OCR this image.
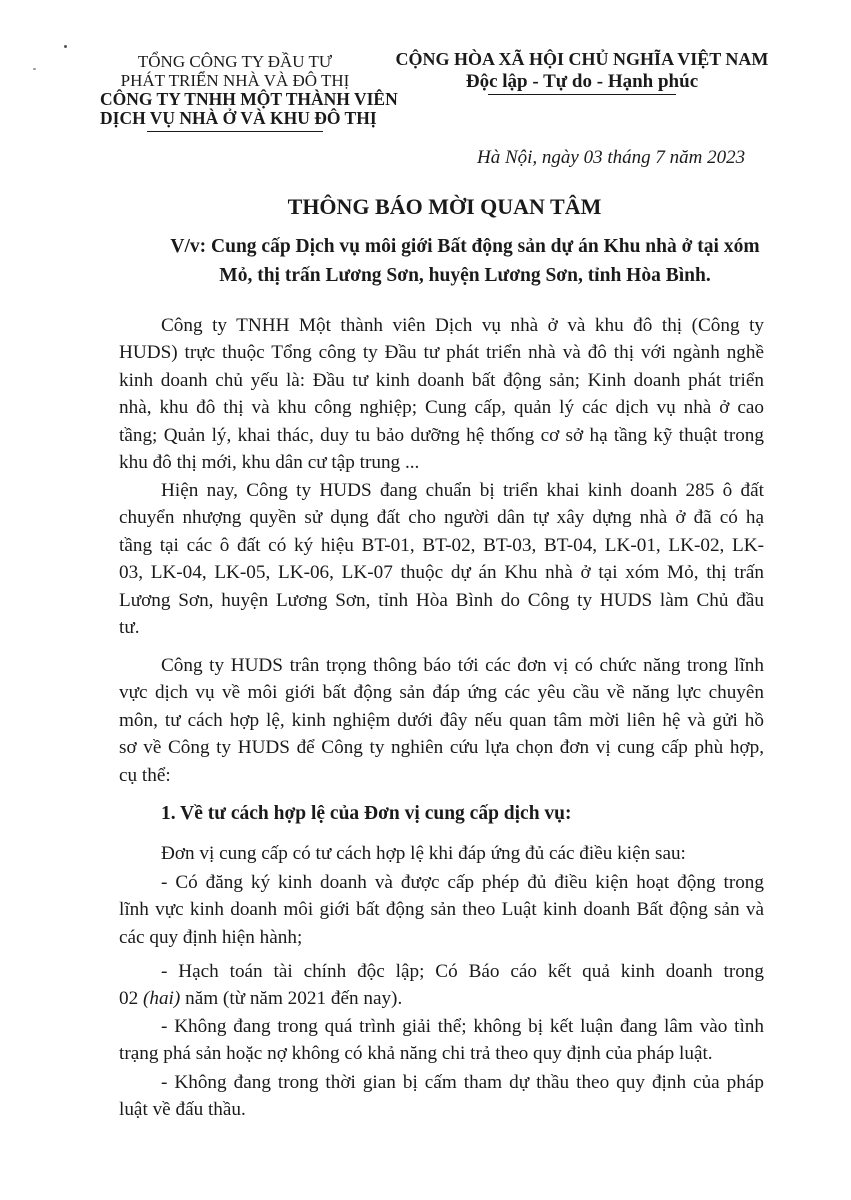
TỔNG CÔNG TY ĐẦU TƯ
PHÁT TRIỂN NHÀ VÀ ĐÔ THỊ
CÔNG TY TNHH MỘT THÀNH VIÊN
DỊCH VỤ NHÀ Ở VÀ KHU ĐÔ THỊ
CỘNG HÒA XÃ HỘI CHỦ NGHĨA VIỆT NAM
Độc lập - Tự do - Hạnh phúc
Hà Nội, ngày 03 tháng 7 năm 2023
THÔNG BÁO MỜI QUAN TÂM
V/v: Cung cấp Dịch vụ môi giới Bất động sản dự án Khu nhà ở tại xóm
Mỏ, thị trấn Lương Sơn, huyện Lương Sơn, tỉnh Hòa Bình.
Công ty TNHH Một thành viên Dịch vụ nhà ở và khu đô thị (Công ty
HUDS) trực thuộc Tổng công ty Đầu tư phát triển nhà và đô thị với ngành nghề
kinh doanh chủ yếu là: Đầu tư kinh doanh bất động sản; Kinh doanh phát triển
nhà, khu đô thị và khu công nghiệp; Cung cấp, quản lý các dịch vụ nhà ở cao
tầng; Quản lý, khai thác, duy tu bảo dưỡng hệ thống cơ sở hạ tầng kỹ thuật trong
khu đô thị mới, khu dân cư tập trung ...
Hiện nay, Công ty HUDS đang chuẩn bị triển khai kinh doanh 285 ô đất
chuyển nhượng quyền sử dụng đất cho người dân tự xây dựng nhà ở đã có hạ
tầng tại các ô đất có ký hiệu BT-01, BT-02, BT-03, BT-04, LK-01, LK-02, LK-
03, LK-04, LK-05, LK-06, LK-07 thuộc dự án Khu nhà ở tại xóm Mỏ, thị trấn
Lương Sơn, huyện Lương Sơn, tỉnh Hòa Bình do Công ty HUDS làm Chủ đầu
tư.
Công ty HUDS trân trọng thông báo tới các đơn vị có chức năng trong lĩnh
vực dịch vụ về môi giới bất động sản đáp ứng các yêu cầu về năng lực chuyên
môn, tư cách hợp lệ, kinh nghiệm dưới đây nếu quan tâm mời liên hệ và gửi hồ
sơ về Công ty HUDS để Công ty nghiên cứu lựa chọn đơn vị cung cấp phù hợp,
cụ thể:
1. Về tư cách hợp lệ của Đơn vị cung cấp dịch vụ:
Đơn vị cung cấp có tư cách hợp lệ khi đáp ứng đủ các điều kiện sau:
- Có đăng ký kinh doanh và được cấp phép đủ điều kiện hoạt động trong
lĩnh vực kinh doanh môi giới bất động sản theo Luật kinh doanh Bất động sản và
các quy định hiện hành;
- Hạch toán tài chính độc lập; Có Báo cáo kết quả kinh doanh trong
02 (hai) năm (từ năm 2021 đến nay).
- Không đang trong quá trình giải thể; không bị kết luận đang lâm vào tình
trạng phá sản hoặc nợ không có khả năng chi trả theo quy định của pháp luật.
- Không đang trong thời gian bị cấm tham dự thầu theo quy định của pháp
luật về đấu thầu.
